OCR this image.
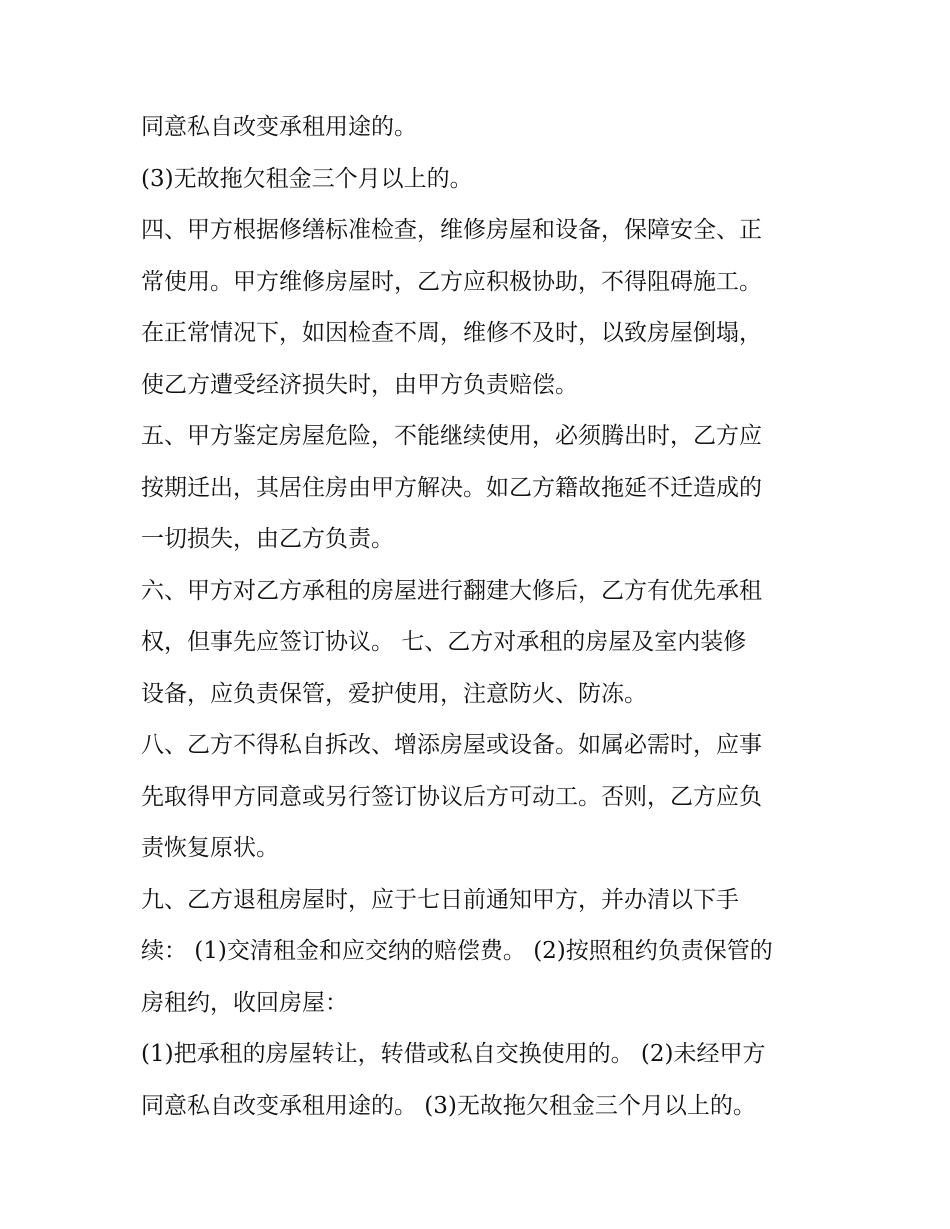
同意私自改变承租用途的。
(3)无故拖欠租金三个月以上的。
四、甲方根据修缮标准检查，维修房屋和设备，保障安全、正
常使用。甲方维修房屋时，乙方应积极协助，不得阻碍施工。
在正常情况下，如因检查不周，维修不及时，以致房屋倒塌，
使乙方遭受经济损失时，由甲方负责赔偿。
五、甲方鉴定房屋危险，不能继续使用，必须腾出时，乙方应
按期迁出，其居住房由甲方解决。如乙方籍故拖延不迁造成的
一切损失，由乙方负责。
六、甲方对乙方承租的房屋进行翻建大修后，乙方有优先承租
权，但事先应签订协议。 七、乙方对承租的房屋及室内装修
设备，应负责保管，爱护使用，注意防火、防冻。
八、乙方不得私自拆改、增添房屋或设备。如属必需时，应事
先取得甲方同意或另行签订协议后方可动工。否则，乙方应负
责恢复原状。
九、乙方退租房屋时，应于七日前通知甲方，并办清以下手
续： (1)交清租金和应交纳的赔偿费。 (2)按照租约负责保管的
房租约，收回房屋：
(1)把承租的房屋转让，转借或私自交换使用的。 (2)未经甲方
同意私自改变承租用途的。 (3)无故拖欠租金三个月以上的。
